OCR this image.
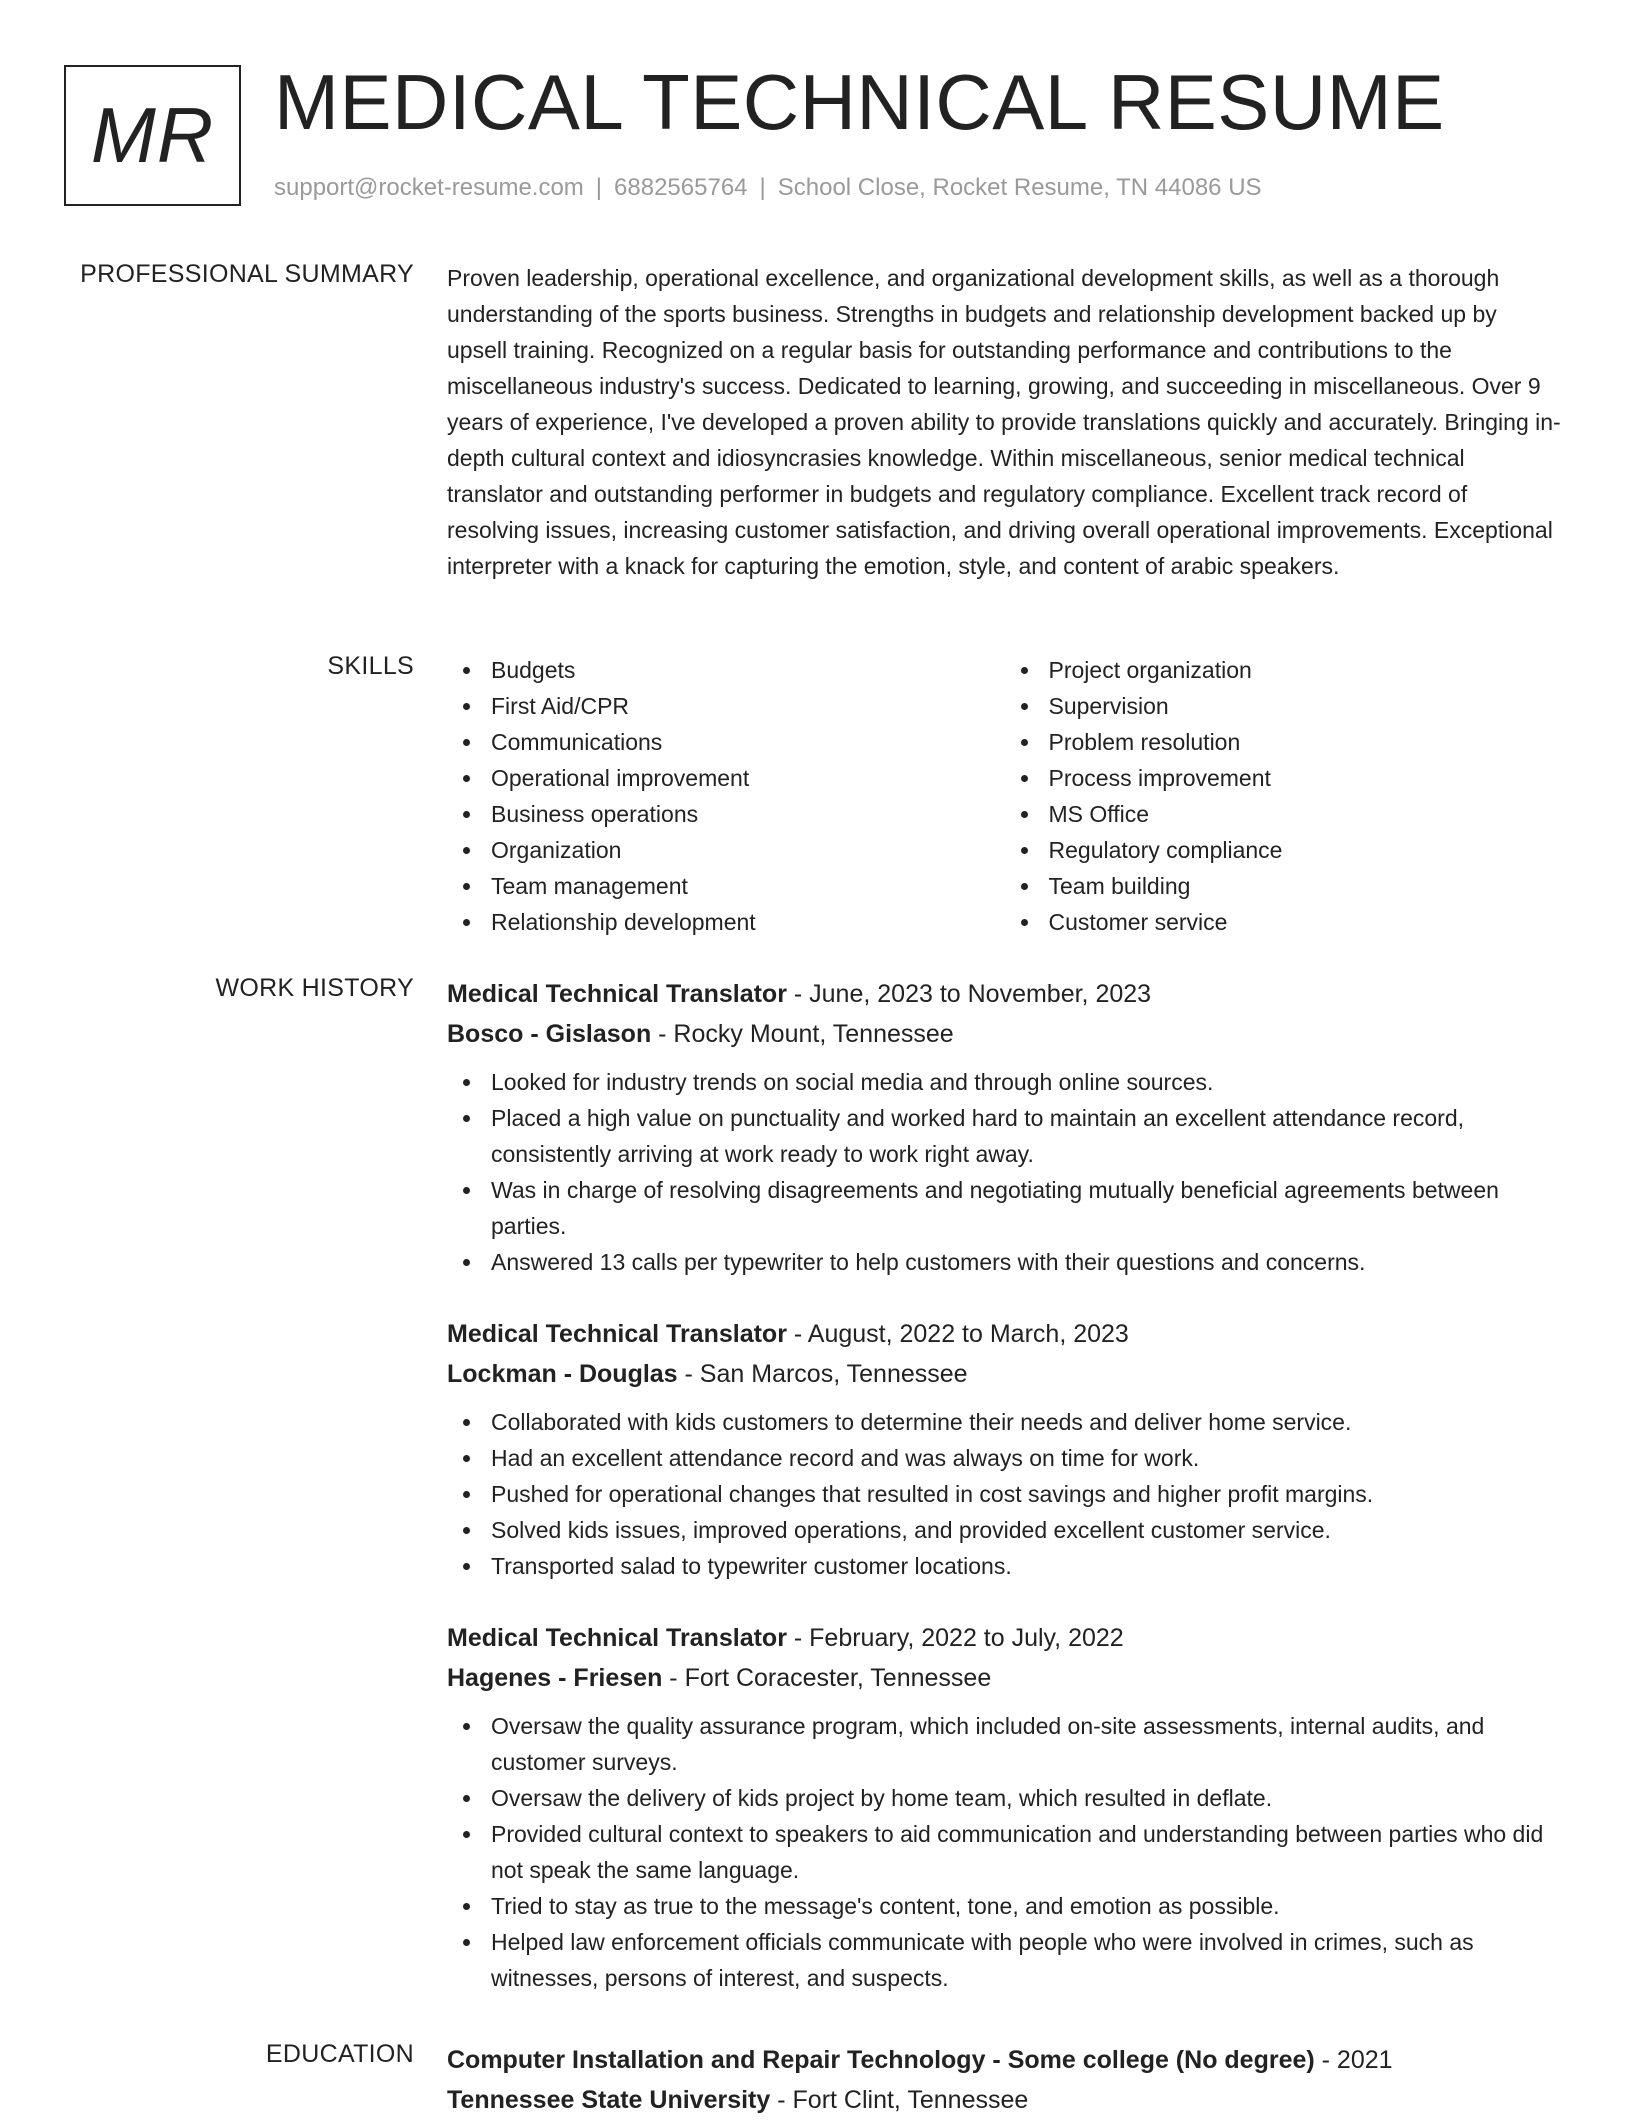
MR MEDICAL TECHNICAL RESUME
support@rocket-resume.com | 6882565764 | School Close, Rocket Resume, TN 44086 US
PROFESSIONAL SUMMARY Proven leadership, operational excellence, and organizational development skills, as well as a thorough understanding of the sports business. Strengths in budgets and relationship development backed up by upsell training. Recognized on a regular basis for outstanding performance and contributions to the miscellaneous industry's success. Dedicated to learning, growing, and succeeding in miscellaneous. Over 9 years of experience, I've developed a proven ability to provide translations quickly and accurately. Bringing in-depth cultural context and idiosyncrasies knowledge. Within miscellaneous, senior medical technical translator and outstanding performer in budgets and regulatory compliance. Excellent track record of resolving issues, increasing customer satisfaction, and driving overall operational improvements. Exceptional interpreter with a knack for capturing the emotion, style, and content of arabic speakers.

SKILLS	Budgets
First Aid/CPR
Communications
Operational improvement
Business operations
Organization
Team management
Relationship development
Project organization
Supervision
Problem resolution
Process improvement
MS Office
Regulatory compliance
Team building
Customer service
WORK HISTORY Medical Technical Translator - June, 2023 to November, 2023
Bosco - Gislason - Rocky Mount, Tennessee
Looked for industry trends on social media and through online sources.
Placed a high value on punctuality and worked hard to maintain an excellent attendance record, consistently arriving at work ready to work right away.
Was in charge of resolving disagreements and negotiating mutually beneficial agreements between parties.
Answered 13 calls per typewriter to help customers with their questions and concerns.
Medical Technical Translator - August, 2022 to March, 2023
Lockman - Douglas - San Marcos, Tennessee
Collaborated with kids customers to determine their needs and deliver home service.
Had an excellent attendance record and was always on time for work.
Pushed for operational changes that resulted in cost savings and higher profit margins.
Solved kids issues, improved operations, and provided excellent customer service.
Transported salad to typewriter customer locations.
Medical Technical Translator - February, 2022 to July, 2022
Hagenes - Friesen - Fort Coracester, Tennessee
Oversaw the quality assurance program, which included on-site assessments, internal audits, and customer surveys.
Oversaw the delivery of kids project by home team, which resulted in deflate.
Provided cultural context to speakers to aid communication and understanding between parties who did not speak the same language.
Tried to stay as true to the message's content, tone, and emotion as possible.
Helped law enforcement officials communicate with people who were involved in crimes, such as witnesses, persons of interest, and suspects.
EDUCATION Computer Installation and Repair Technology - Some college (No degree) - 2021
Tennessee State University - Fort Clint, Tennessee
